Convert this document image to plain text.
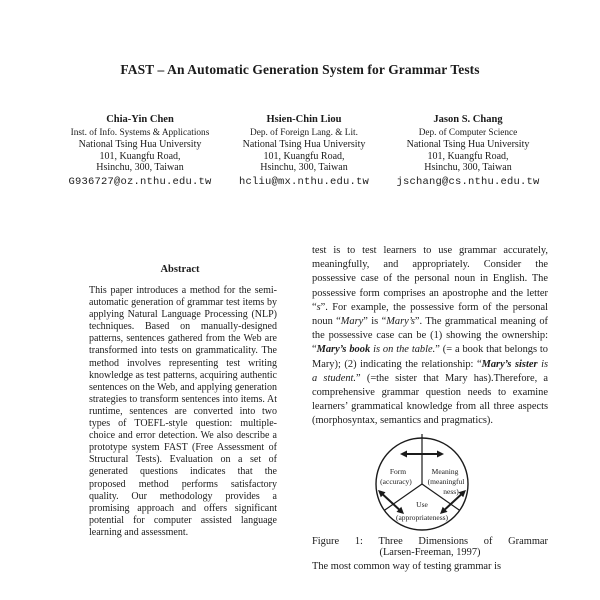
FAST – An Automatic Generation System for Grammar Tests
Chia-Yin Chen
Inst. of Info. Systems & Applications
National Tsing Hua University
101, Kuangfu Road,
Hsinchu, 300, Taiwan
G936727@oz.nthu.edu.tw
Hsien-Chin Liou
Dep. of Foreign Lang. & Lit.
National Tsing Hua University
101, Kuangfu Road,
Hsinchu, 300, Taiwan
hcliu@mx.nthu.edu.tw
Jason S. Chang
Dep. of Computer Science
National Tsing Hua University
101, Kuangfu Road,
Hsinchu, 300, Taiwan
jschang@cs.nthu.edu.tw
Abstract

This paper introduces a method for the semi-automatic generation of grammar test items by applying Natural Language Processing (NLP) techniques. Based on manually-designed patterns, sentences gathered from the Web are transformed into tests on grammaticality. The method involves representing test writing knowledge as test patterns, acquiring authentic sentences on the Web, and applying generation strategies to transform sentences into items. At runtime, sentences are converted into two types of TOEFL-style question: multiple-choice and error detection. We also describe a prototype system FAST (Free Assessment of Structural Tests). Evaluation on a set of generated questions indicates that the proposed method performs satisfactory quality. Our methodology provides a promising approach and offers significant potential for computer assisted language learning and assessment.

test is to test learners to use grammar accurately, meaningfully, and appropriately. Consider the possessive case of the personal noun in English. The possessive form comprises an apostrophe and the letter “s”. For example, the possessive form of the personal noun “Mary” is “Mary’s”. The grammatical meaning of the possessive case can be (1) showing the ownership: “Mary’s book is on the table.” (= a book that belongs to Mary); (2) indicating the relationship: “Mary’s sister is a student.” (=the sister that Mary has).Therefore, a comprehensive grammar question needs to examine learners’ grammatical knowledge from all three aspects (morphosyntax, semantics and pragmatics).

Form
(accuracy)
Meaning
(meaningful
ness)
Use
(appropriateness)
Figure 1: Three Dimensions of Grammar
(Larsen-Freeman, 1997)

The most common way of testing grammar is
